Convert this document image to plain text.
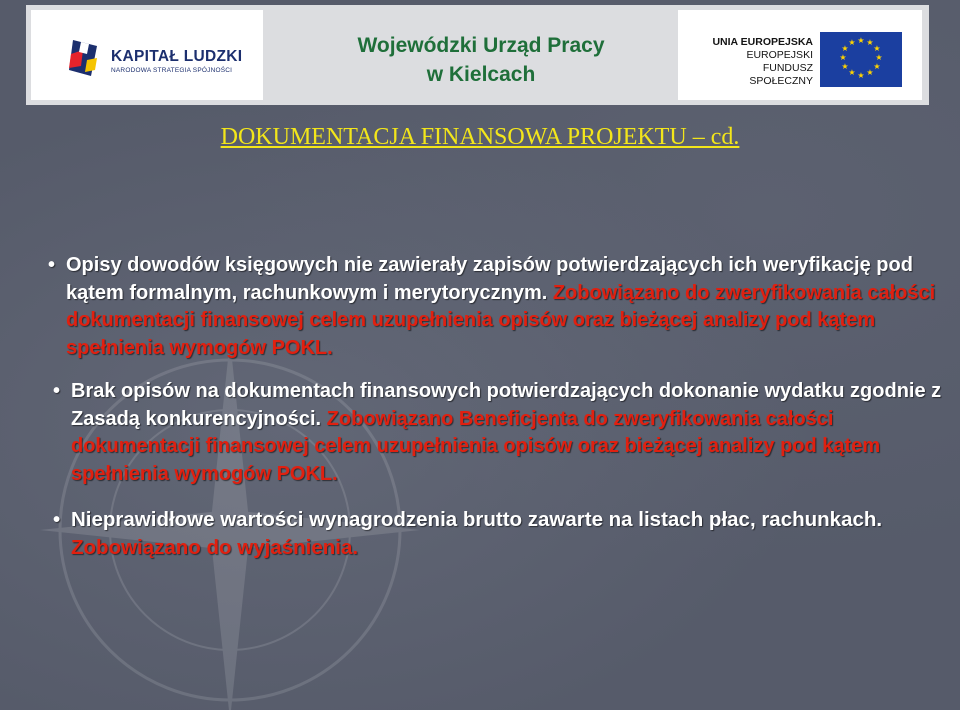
KAPITAŁ LUDZKI
NARODOWA STRATEGIA SPÓJNOŚCI
Wojewódzki Urząd Pracy
w Kielcach
UNIA EUROPEJSKA
EUROPEJSKI
FUNDUSZ SPOŁECZNY
★ ★
★
★
★
★
★
★
★
★
★
★
DOKUMENTACJA FINANSOWA PROJEKTU – cd.
• Opisy dowodów księgowych nie zawierały zapisów potwierdzających ich weryfikację pod kątem formalnym, rachunkowym i merytorycznym. Zobowiązano do zweryfikowania całości dokumentacji finansowej celem uzupełnienia opisów oraz bieżącej analizy pod kątem spełnienia wymogów POKL.
• Brak opisów na dokumentach finansowych potwierdzających dokonanie wydatku zgodnie z Zasadą konkurencyjności. Zobowiązano Beneficjenta do zweryfikowania całości dokumentacji finansowej celem uzupełnienia opisów oraz bieżącej analizy pod kątem spełnienia wymogów POKL.
• Nieprawidłowe wartości wynagrodzenia brutto zawarte na listach płac, rachunkach. Zobowiązano do wyjaśnienia.
